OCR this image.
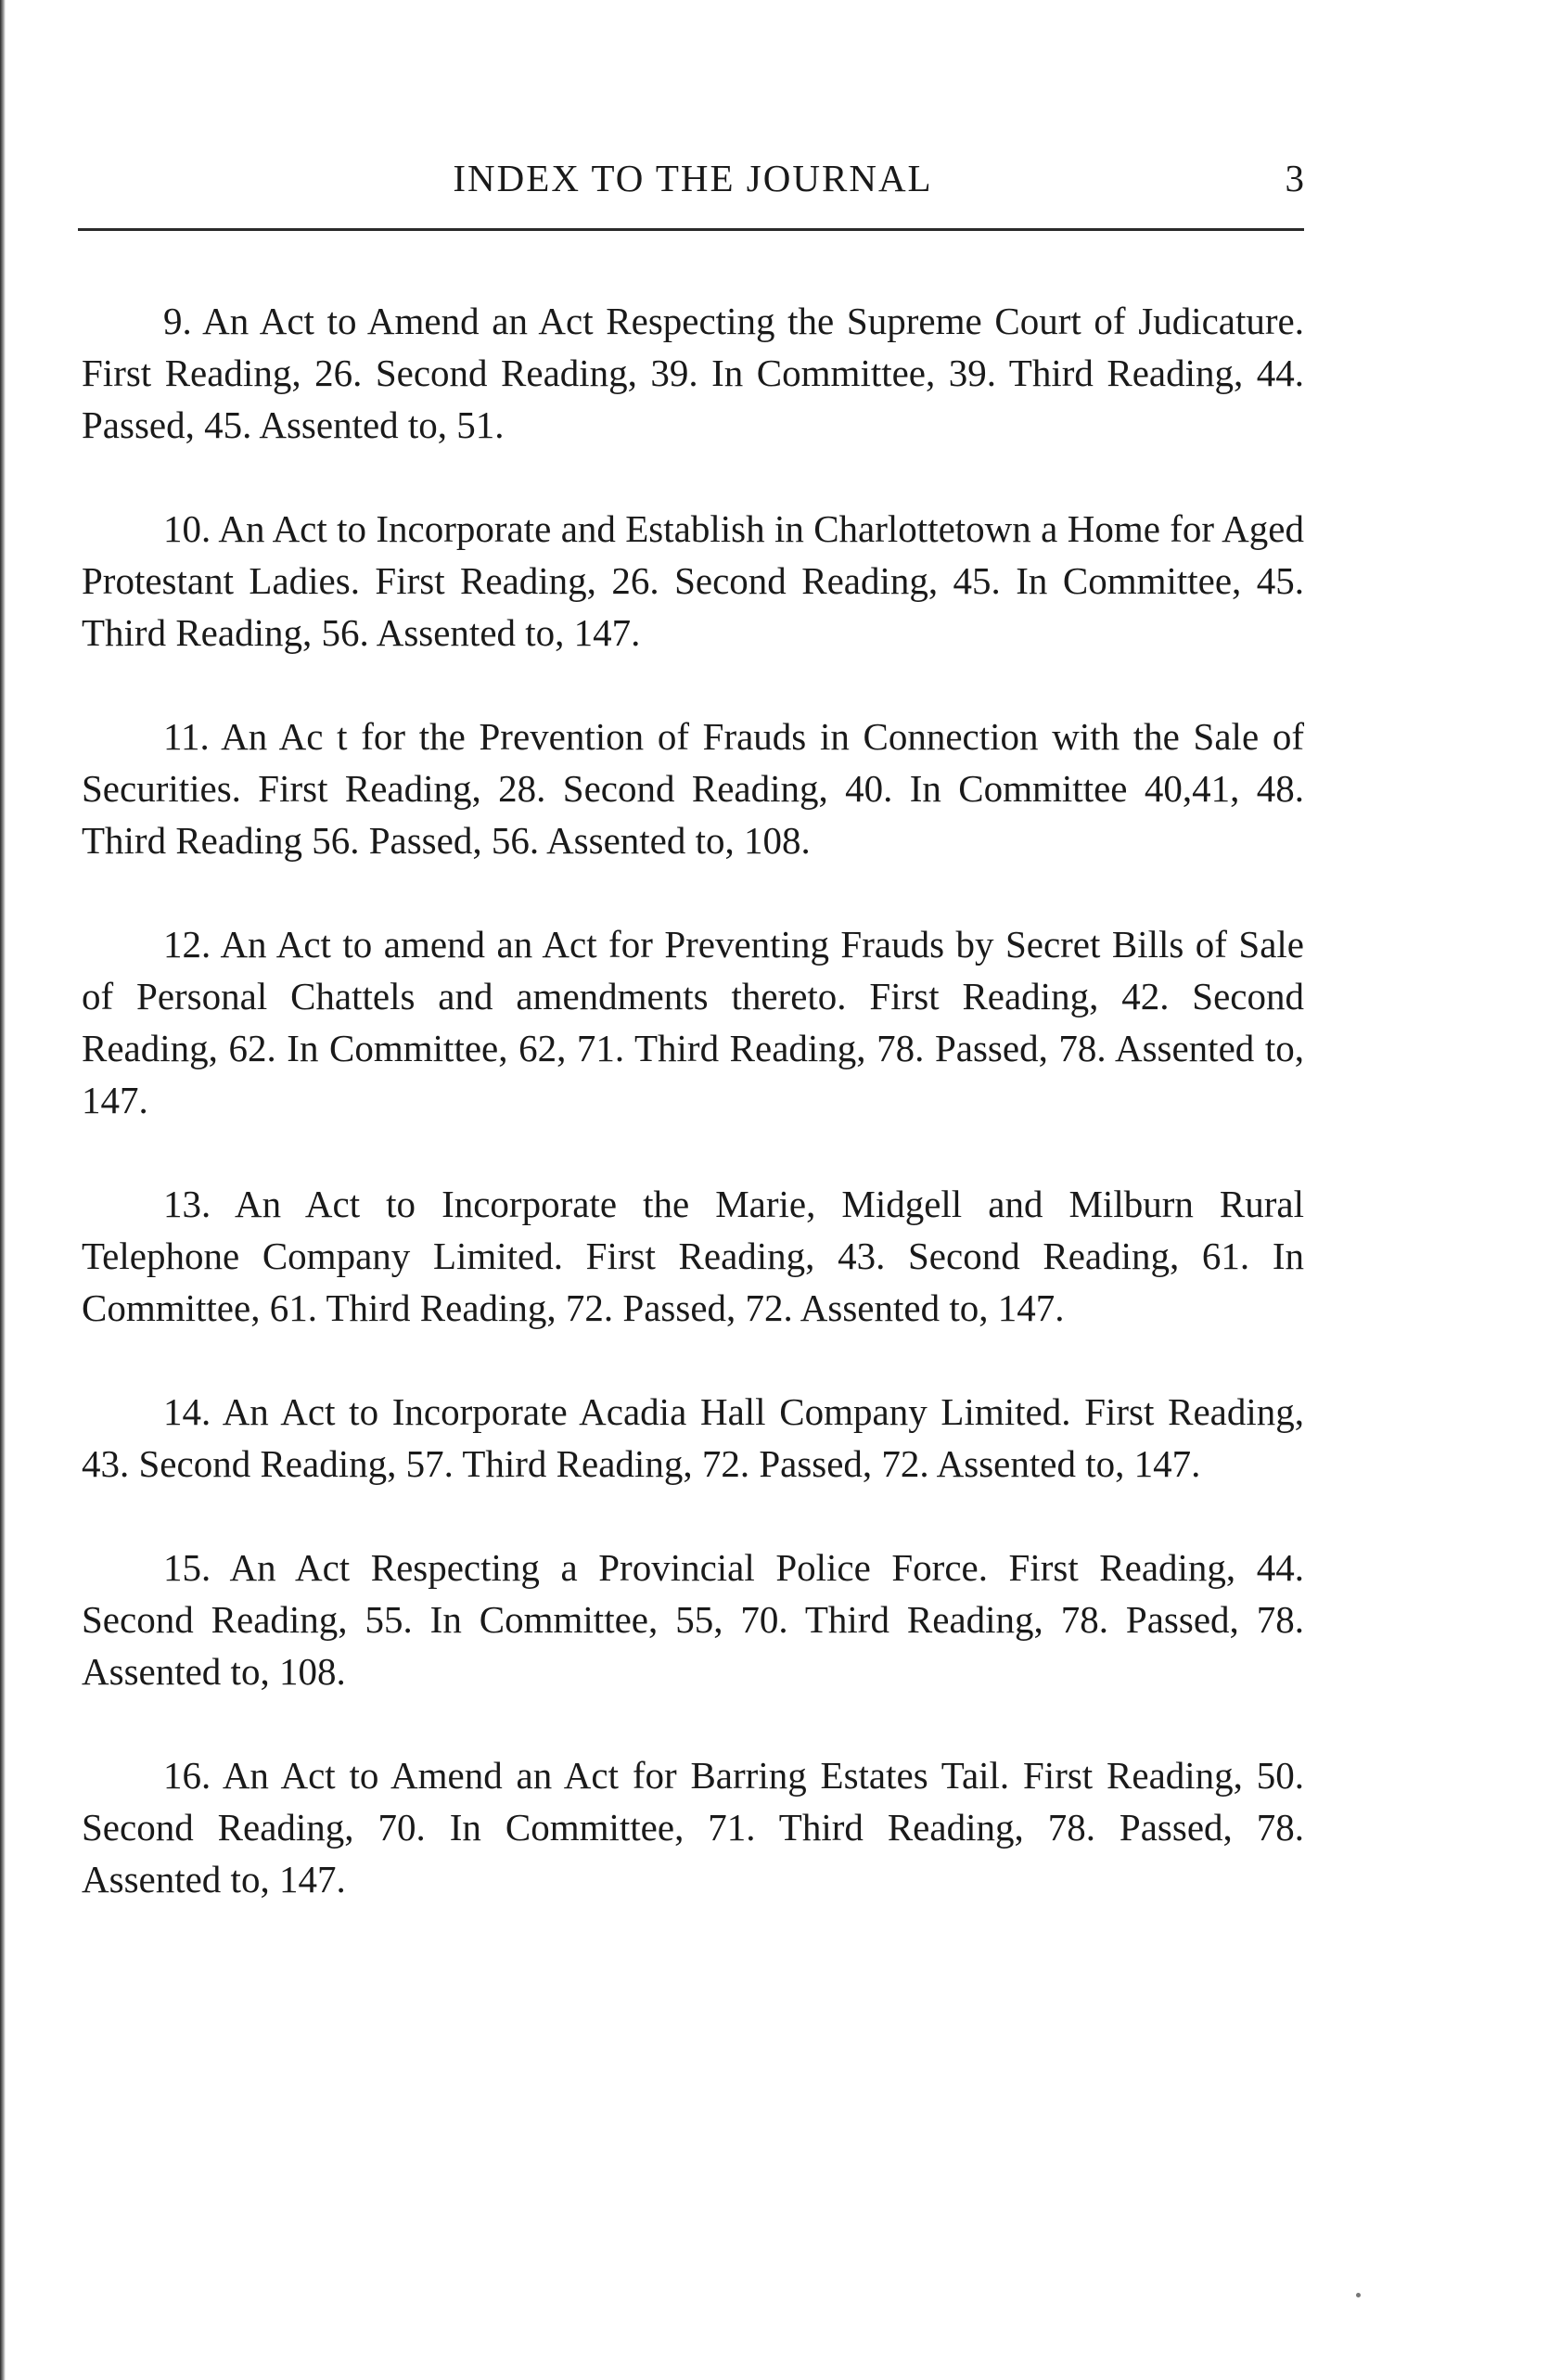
INDEX TO THE JOURNAL	3

9. An Act to Amend an Act Respecting the Supreme Court of Judicature. First Reading, 26. Second Reading, 39. In Committee, 39. Third Reading, 44. Passed, 45. Assented to, 51.

10. An Act to Incorporate and Establish in Charlottetown a Home for Aged Protestant Ladies. First Reading, 26. Second Reading, 45. In Committee, 45. Third Reading, 56. Assented to, 147.

11. An Ac t for the Prevention of Frauds in Connection with the Sale of Securities. First Reading, 28. Second Reading, 40. In Committee 40,41, 48. Third Reading 56. Passed, 56. Assented to, 108.

12. An Act to amend an Act for Preventing Frauds by Secret Bills of Sale of Personal Chattels and amendments thereto. First Reading, 42. Second Reading, 62. In Committee, 62, 71. Third Reading, 78. Passed, 78. Assented to, 147.

13. An Act to Incorporate the Marie, Midgell and Milburn Rural Telephone Company Limited. First Reading, 43. Second Reading, 61. In Committee, 61. Third Reading, 72. Passed, 72. Assented to, 147.

14. An Act to Incorporate Acadia Hall Company Limited. First Reading, 43. Second Reading, 57. Third Reading, 72. Passed, 72. Assented to, 147.

15. An Act Respecting a Provincial Police Force. First Reading, 44. Second Reading, 55. In Committee, 55, 70. Third Reading, 78. Passed, 78. Assented to, 108.

16. An Act to Amend an Act for Barring Estates Tail. First Reading, 50. Second Reading, 70. In Committee, 71. Third Reading, 78. Passed, 78. Assented to, 147.
